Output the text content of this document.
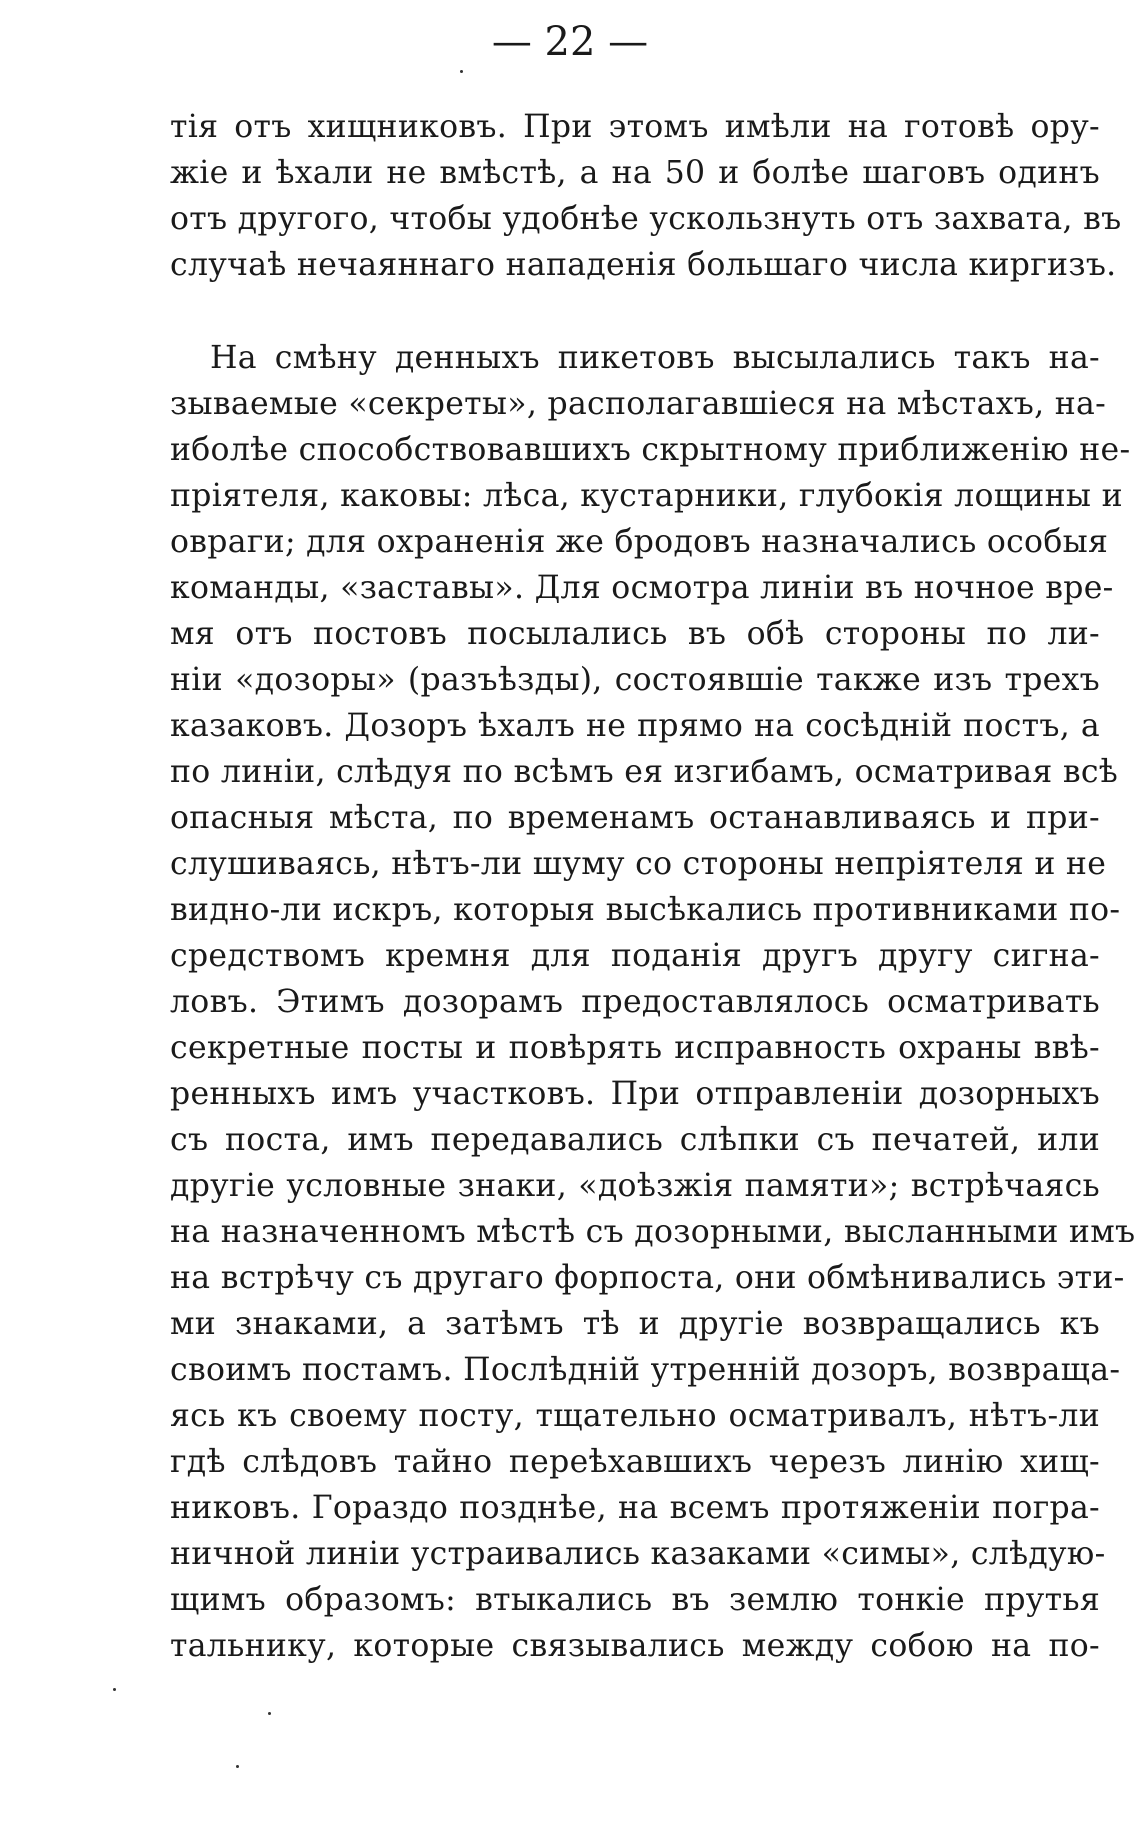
— 22 —
тія отъ хищниковъ. При этомъ имѣли на готовѣ ору-
жіе и ѣхали не вмѣстѣ, а на 50 и болѣе шаговъ одинъ
отъ другого, чтобы удобнѣе ускользнуть отъ захвата, въ
случаѣ нечаяннаго нападенія большаго числа киргизъ.
На смѣну денныхъ пикетовъ высылались такъ на-
зываемые «секреты», располагавшіеся на мѣстахъ, на-
иболѣе способствовавшихъ скрытному приближенію не-
пріятеля, каковы: лѣса, кустарники, глубокія лощины и
овраги; для охраненія же бродовъ назначались особыя
команды, «заставы». Для осмотра линіи въ ночное вре-
мя отъ постовъ посылались въ обѣ стороны по ли-
ніи «дозоры» (разъѣзды), состоявшіе также изъ трехъ
казаковъ. Дозоръ ѣхалъ не прямо на сосѣдній постъ, а
по линіи, слѣдуя по всѣмъ ея изгибамъ, осматривая всѣ
опасныя мѣста, по временамъ останавливаясь и при-
слушиваясь, нѣтъ-ли шуму со стороны непріятеля и не
видно-ли искръ, которыя высѣкались противниками по-
средствомъ кремня для поданія другъ другу сигна-
ловъ. Этимъ дозорамъ предоставлялось осматривать
секретные посты и повѣрять исправность охраны ввѣ-
ренныхъ имъ участковъ. При отправленіи дозорныхъ
съ поста, имъ передавались слѣпки съ печатей, или
другіе условные знаки, «доѣзжія памяти»; встрѣчаясь
на назначенномъ мѣстѣ съ дозорными, высланными имъ
на встрѣчу съ другаго форпоста, они обмѣнивались эти-
ми знаками, а затѣмъ тѣ и другіе возвращались къ
своимъ постамъ. Послѣдній утренній дозоръ, возвраща-
ясь къ своему посту, тщательно осматривалъ, нѣтъ-ли
гдѣ слѣдовъ тайно переѣхавшихъ черезъ линію хищ-
никовъ. Гораздо позднѣе, на всемъ протяженіи погра-
ничной линіи устраивались казаками «симы», слѣдую-
щимъ образомъ: втыкались въ землю тонкіе прутья
тальнику, которые связывались между собою на по-
